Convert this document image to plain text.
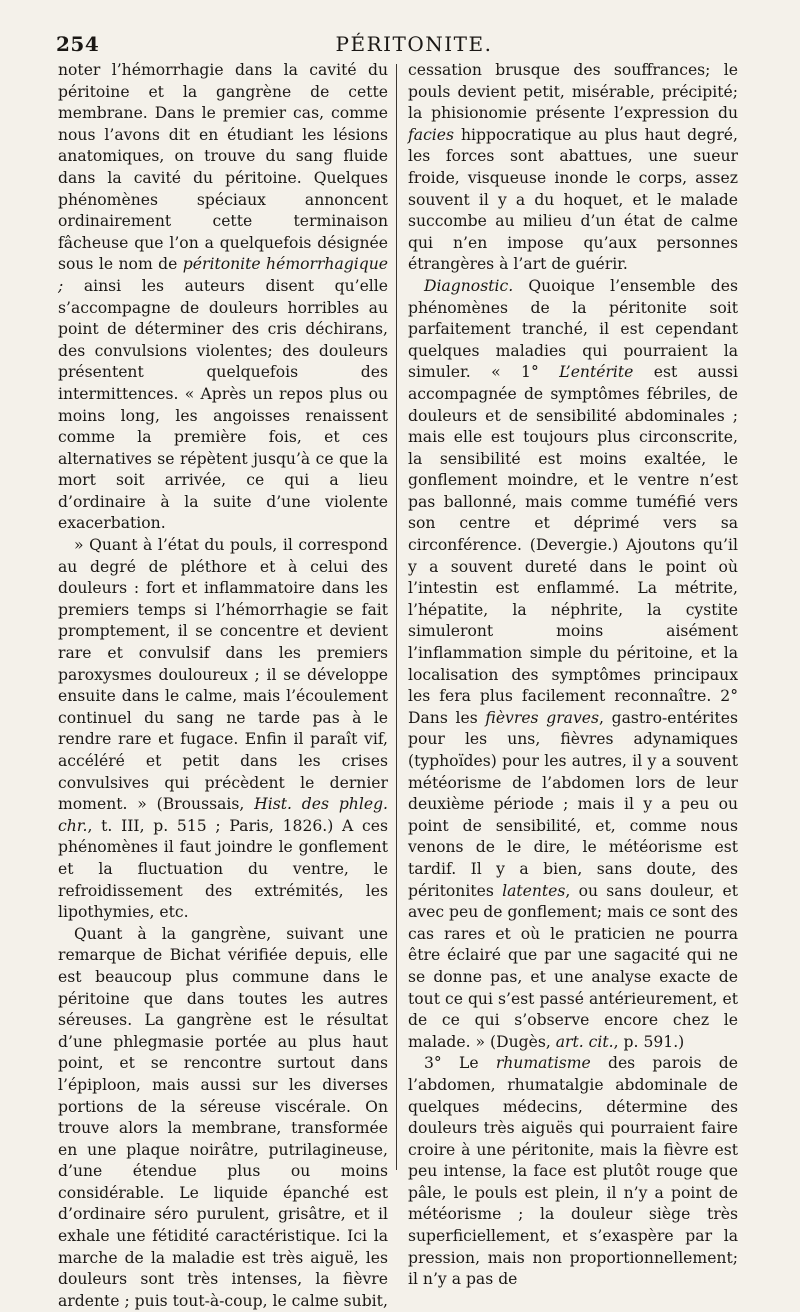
254	PÉRITONITE.

noter l’hémorrhagie dans la cavité du péritoine et la gangrène de cette membrane. Dans le premier cas, comme nous l’avons dit en étudiant les lésions anatomiques, on trouve du sang fluide dans la cavité du péritoine. Quelques phénomènes spéciaux annoncent ordinairement cette terminaison fâcheuse que l’on a quelquefois désignée sous le nom de péritonite hémorrhagique ; ainsi les auteurs disent qu’elle s’accompagne de douleurs horribles au point de déterminer des cris déchirans, des convulsions violentes; des douleurs présentent quelquefois des intermittences. « Après un repos plus ou moins long, les angoisses renaissent comme la première fois, et ces alternatives se répètent jusqu’à ce que la mort soit arrivée, ce qui a lieu d’ordinaire à la suite d’une violente exacerbation.

» Quant à l’état du pouls, il correspond au degré de pléthore et à celui des douleurs : fort et inflammatoire dans les premiers temps si l’hémorrhagie se fait promptement, il se concentre et devient rare et convulsif dans les premiers paroxysmes douloureux ; il se développe ensuite dans le calme, mais l’écoulement continuel du sang ne tarde pas à le rendre rare et fugace. Enfin il paraît vif, accéléré et petit dans les crises convulsives qui précèdent le dernier moment. » (Broussais, Hist. des phleg. chr., t. III, p. 515 ; Paris, 1826.) A ces phénomènes il faut joindre le gonflement et la fluctuation du ventre, le refroidissement des extrémités, les lipothymies, etc.

Quant à la gangrène, suivant une remarque de Bichat vérifiée depuis, elle est beaucoup plus commune dans le péritoine que dans toutes les autres séreuses. La gangrène est le résultat d’une phlegmasie portée au plus haut point, et se rencontre surtout dans l’épiploon, mais aussi sur les diverses portions de la séreuse viscérale. On trouve alors la membrane, transformée en une plaque noirâtre, putrilagineuse, d’une étendue plus ou moins considérable. Le liquide épanché est d’ordinaire séro purulent, grisâtre, et il exhale une fétidité caractéristique. Ici la marche de la maladie est très aiguë, les douleurs sont très intenses, la fièvre ardente ; puis tout-à-coup, le calme subit,

cessation brusque des souffrances; le pouls devient petit, misérable, précipité; la phisionomie présente l’expression du facies hippocratique au plus haut degré, les forces sont abattues, une sueur froide, visqueuse inonde le corps, assez souvent il y a du hoquet, et le malade succombe au milieu d’un état de calme qui n’en impose qu’aux personnes étrangères à l’art de guérir.

Diagnostic. Quoique l’ensemble des phénomènes de la péritonite soit parfaitement tranché, il est cependant quelques maladies qui pourraient la simuler. « 1° L’entérite est aussi accompagnée de symptômes fébriles, de douleurs et de sensibilité abdominales ; mais elle est toujours plus circonscrite, la sensibilité est moins exaltée, le gonflement moindre, et le ventre n’est pas ballonné, mais comme tuméfié vers son centre et déprimé vers sa circonférence. (Devergie.) Ajoutons qu’il y a souvent dureté dans le point où l’intestin est enflammé. La métrite, l’hépatite, la néphrite, la cystite simuleront moins aisément l’inflammation simple du péritoine, et la localisation des symptômes principaux les fera plus facilement reconnaître. 2° Dans les fièvres graves, gastro-entérites pour les uns, fièvres adynamiques (typhoïdes) pour les autres, il y a souvent météorisme de l’abdomen lors de leur deuxième période ; mais il y a peu ou point de sensibilité, et, comme nous venons de le dire, le météorisme est tardif. Il y a bien, sans doute, des péritonites latentes, ou sans douleur, et avec peu de gonflement; mais ce sont des cas rares et où le praticien ne pourra être éclairé que par une sagacité qui ne se donne pas, et une analyse exacte de tout ce qui s’est passé antérieurement, et de ce qui s’observe encore chez le malade. » (Dugès, art. cit., p. 591.)

3° Le rhumatisme des parois de l’abdomen, rhumatalgie abdominale de quelques médecins, détermine des douleurs très aiguës qui pourraient faire croire à une péritonite, mais la fièvre est peu intense, la face est plutôt rouge que pâle, le pouls est plein, il n’y a point de météorisme ; la douleur siège très superficiellement, et s’exaspère par la pression, mais non proportionnellement; il n’y a pas de
